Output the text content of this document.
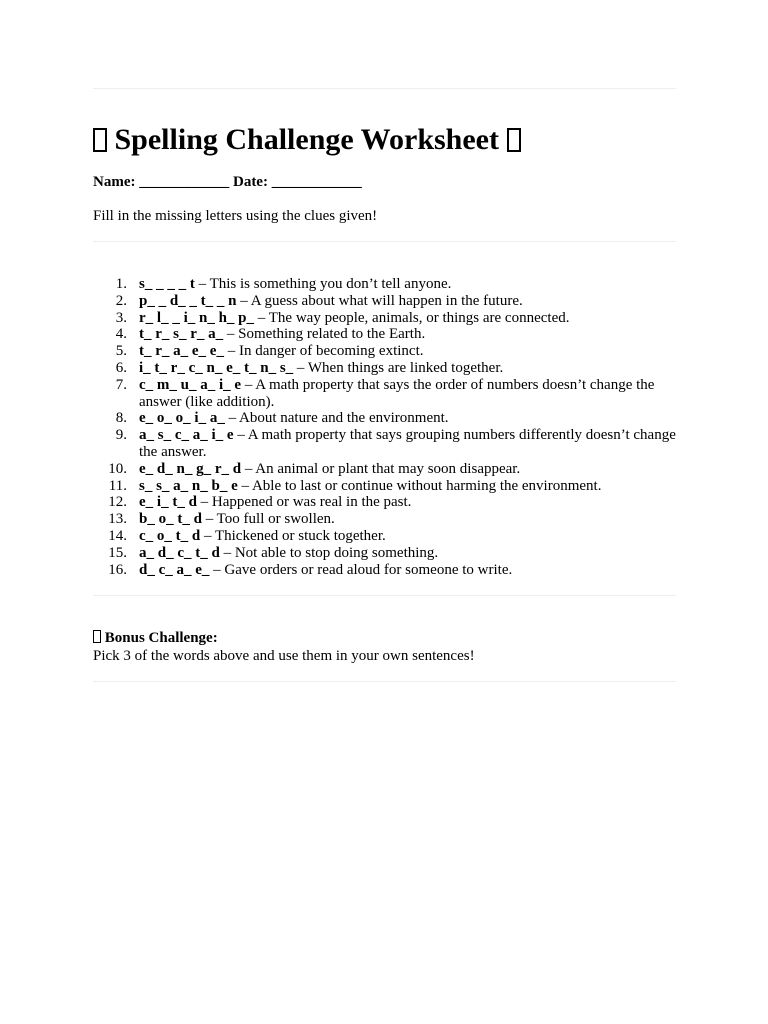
Spelling Challenge Worksheet
Name: ____________ Date: ____________
Fill in the missing letters using the clues given!
1. s_ _ _ _ t – This is something you don’t tell anyone.
2. p_ _ d_ _ t_ _ n – A guess about what will happen in the future.
3. r_ l_ _ i_ n_ h_ p_ – The way people, animals, or things are connected.
4. t_ r_ s_ r_ a_ – Something related to the Earth.
5. t_ r_ a_ e_ e_ – In danger of becoming extinct.
6. i_ t_ r_ c_ n_ e_ t_ n_ s_ – When things are linked together.
7. c_ m_ u_ a_ i_ e – A math property that says the order of numbers doesn’t change the answer (like addition).
8. e_ o_ o_ i_ a_ – About nature and the environment.
9. a_ s_ c_ a_ i_ e – A math property that says grouping numbers differently doesn’t change the answer.
10. e_ d_ n_ g_ r_ d – An animal or plant that may soon disappear.
11. s_ s_ a_ n_ b_ e – Able to last or continue without harming the environment.
12. e_ i_ t_ d – Happened or was real in the past.
13. b_ o_ t_ d – Too full or swollen.
14. c_ o_ t_ d – Thickened or stuck together.
15. a_ d_ c_ t_ d – Not able to stop doing something.
16. d_ c_ a_ e_ – Gave orders or read aloud for someone to write.
Bonus Challenge:
Pick 3 of the words above and use them in your own sentences!
